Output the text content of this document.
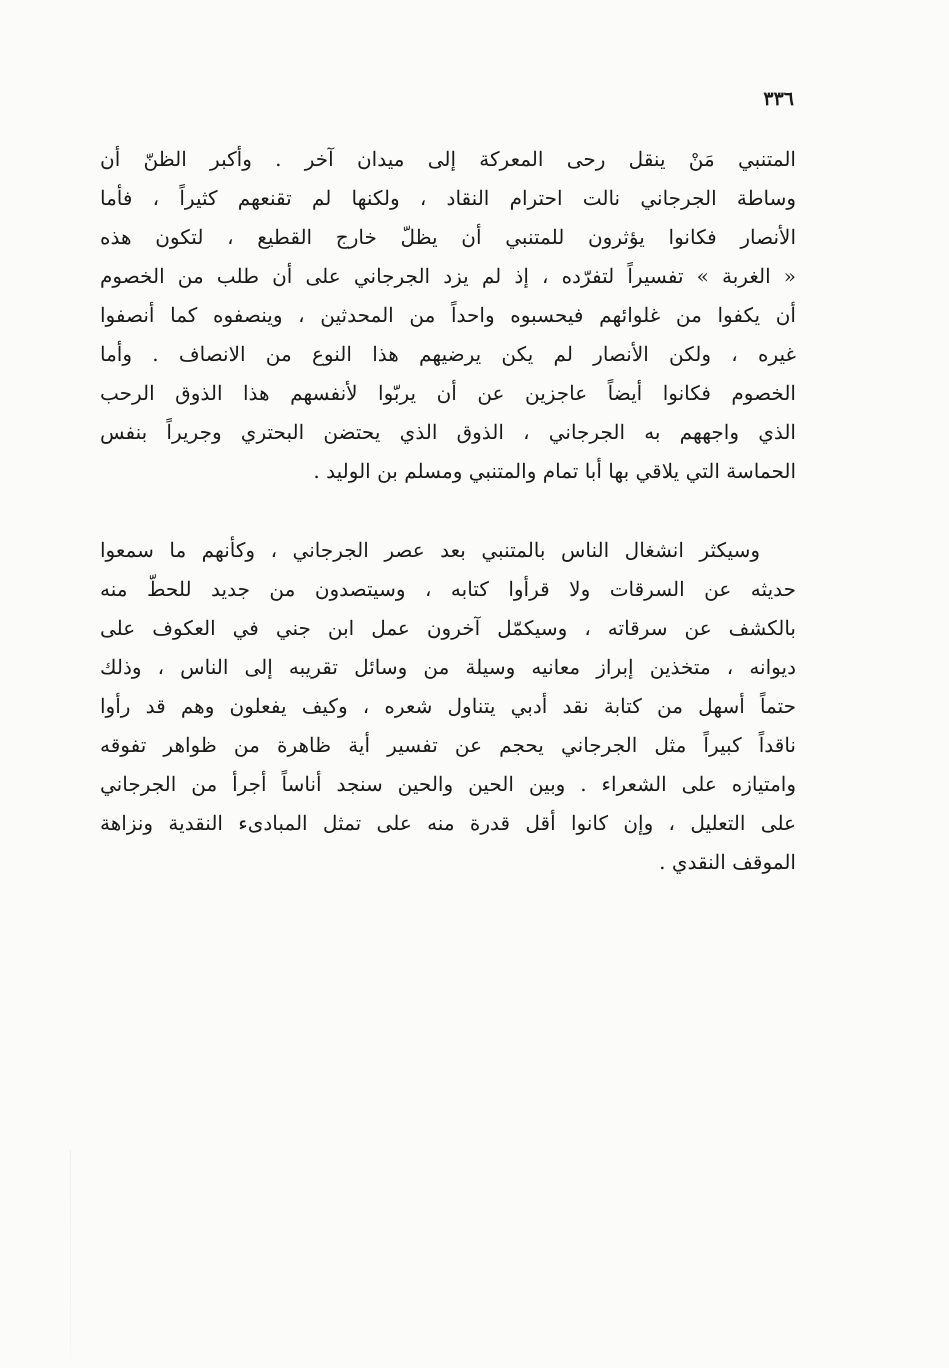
٣٣٦
المتنبي مَنْ ينقل رحى المعركة إلى ميدان آخر . وأكبر الظنّ أن
وساطة الجرجاني نالت احترام النقاد ، ولكنها لم تقنعهم كثيراً ، فأما
الأنصار فكانوا يؤثرون للمتنبي أن يظلّ خارج القطيع ، لتكون هذه
« الغربة » تفسيراً لتفرّده ، إذ لم يزد الجرجاني على أن طلب من الخصوم
أن يكفوا من غلوائهم فيحسبوه واحداً من المحدثين ، وينصفوه كما أنصفوا
غيره ، ولكن الأنصار لم يكن يرضيهم هذا النوع من الانصاف . وأما
الخصوم فكانوا أيضاً عاجزين عن أن يربّوا لأنفسهم هذا الذوق الرحب
الذي واجههم به الجرجاني ، الذوق الذي يحتضن البحتري وجريراً بنفس
الحماسة التي يلاقي بها أبا تمام والمتنبي ومسلم بن الوليد .
وسيكثر انشغال الناس بالمتنبي بعد عصر الجرجاني ، وكأنهم ما سمعوا
حديثه عن السرقات ولا قرأوا كتابه ، وسيتصدون من جديد للحطّ منه
بالكشف عن سرقاته ، وسيكمّل آخرون عمل ابن جني في العكوف على
ديوانه ، متخذين إبراز معانيه وسيلة من وسائل تقريبه إلى الناس ، وذلك
حتماً أسهل من كتابة نقد أدبي يتناول شعره ، وكيف يفعلون وهم قد رأوا
ناقداً كبيراً مثل الجرجاني يحجم عن تفسير أية ظاهرة من ظواهر تفوقه
وامتيازه على الشعراء . وبين الحين والحين سنجد أناساً أجرأ من الجرجاني
على التعليل ، وإن كانوا أقل قدرة منه على تمثل المبادىء النقدية ونزاهة
الموقف النقدي .
